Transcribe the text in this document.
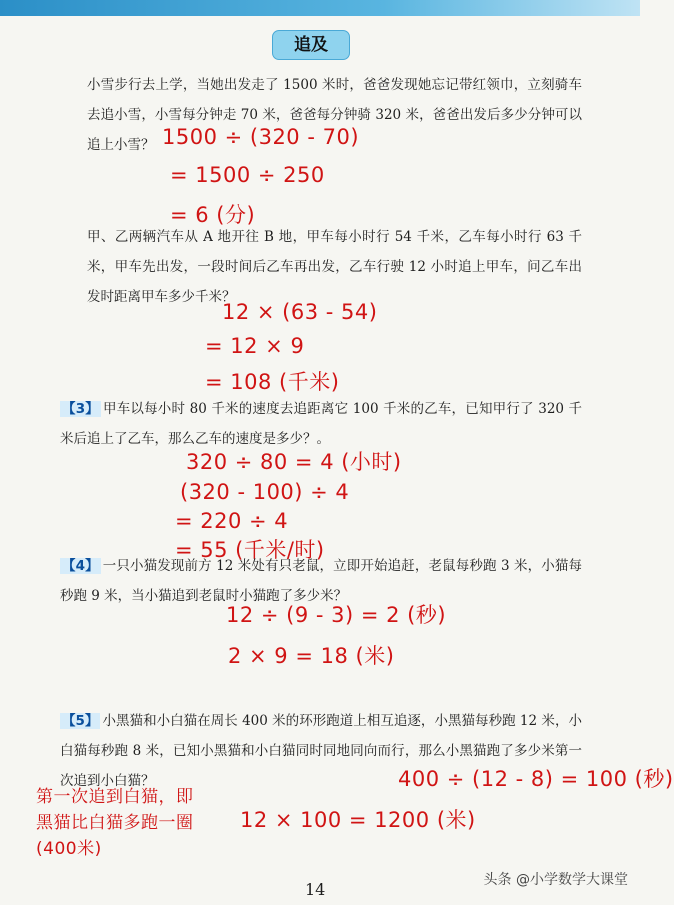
追及
小雪步行去上学，当她出发走了 1500 米时，爸爸发现她忘记带红领巾，立刻骑车去追小雪，小雪每分钟走 70 米，爸爸每分钟骑 320 米，爸爸出发后多少分钟可以追上小雪？ 1500 ÷ (320 - 70)
= 1500 ÷ 250
= 6 (分)
甲、乙两辆汽车从 A 地开往 B 地，甲车每小时行 54 千米，乙车每小时行 63 千米，甲车先出发，一段时间后乙车再出发，乙车行驶 12 小时追上甲车，问乙车出发时距离甲车多少千米？
12 × (63 - 54)
= 12 × 9
= 108 (千米)
【3】 甲车以每小时 80 千米的速度去追距离它 100 千米的乙车，已知甲行了 320 千米后追上了乙车，那么乙车的速度是多少？。
320 ÷ 80 = 4 (小时)
(320 - 100) ÷ 4
= 220 ÷ 4
= 55 (千米/时)
【4】 一只小猫发现前方 12 米处有只老鼠，立即开始追赶，老鼠每秒跑 3 米，小猫每秒跑 9 米，当小猫追到老鼠时小猫跑了多少米？
12 ÷ (9 - 3) = 2 (秒)
2 × 9 = 18 (米)
【5】 小黑猫和小白猫在周长 400 米的环形跑道上相互追逐，小黑猫每秒跑 12 米，小白猫每秒跑 8 米，已知小黑猫和小白猫同时同地同向而行，那么小黑猫跑了多少米第一次追到小白猫？	400 ÷ (12 - 8) = 100 (秒)
12 × 100 = 1200 (米)
第一次追到白猫，即黑猫比白猫多跑一圈 (400米)
14	头条 @小学数学大课堂
